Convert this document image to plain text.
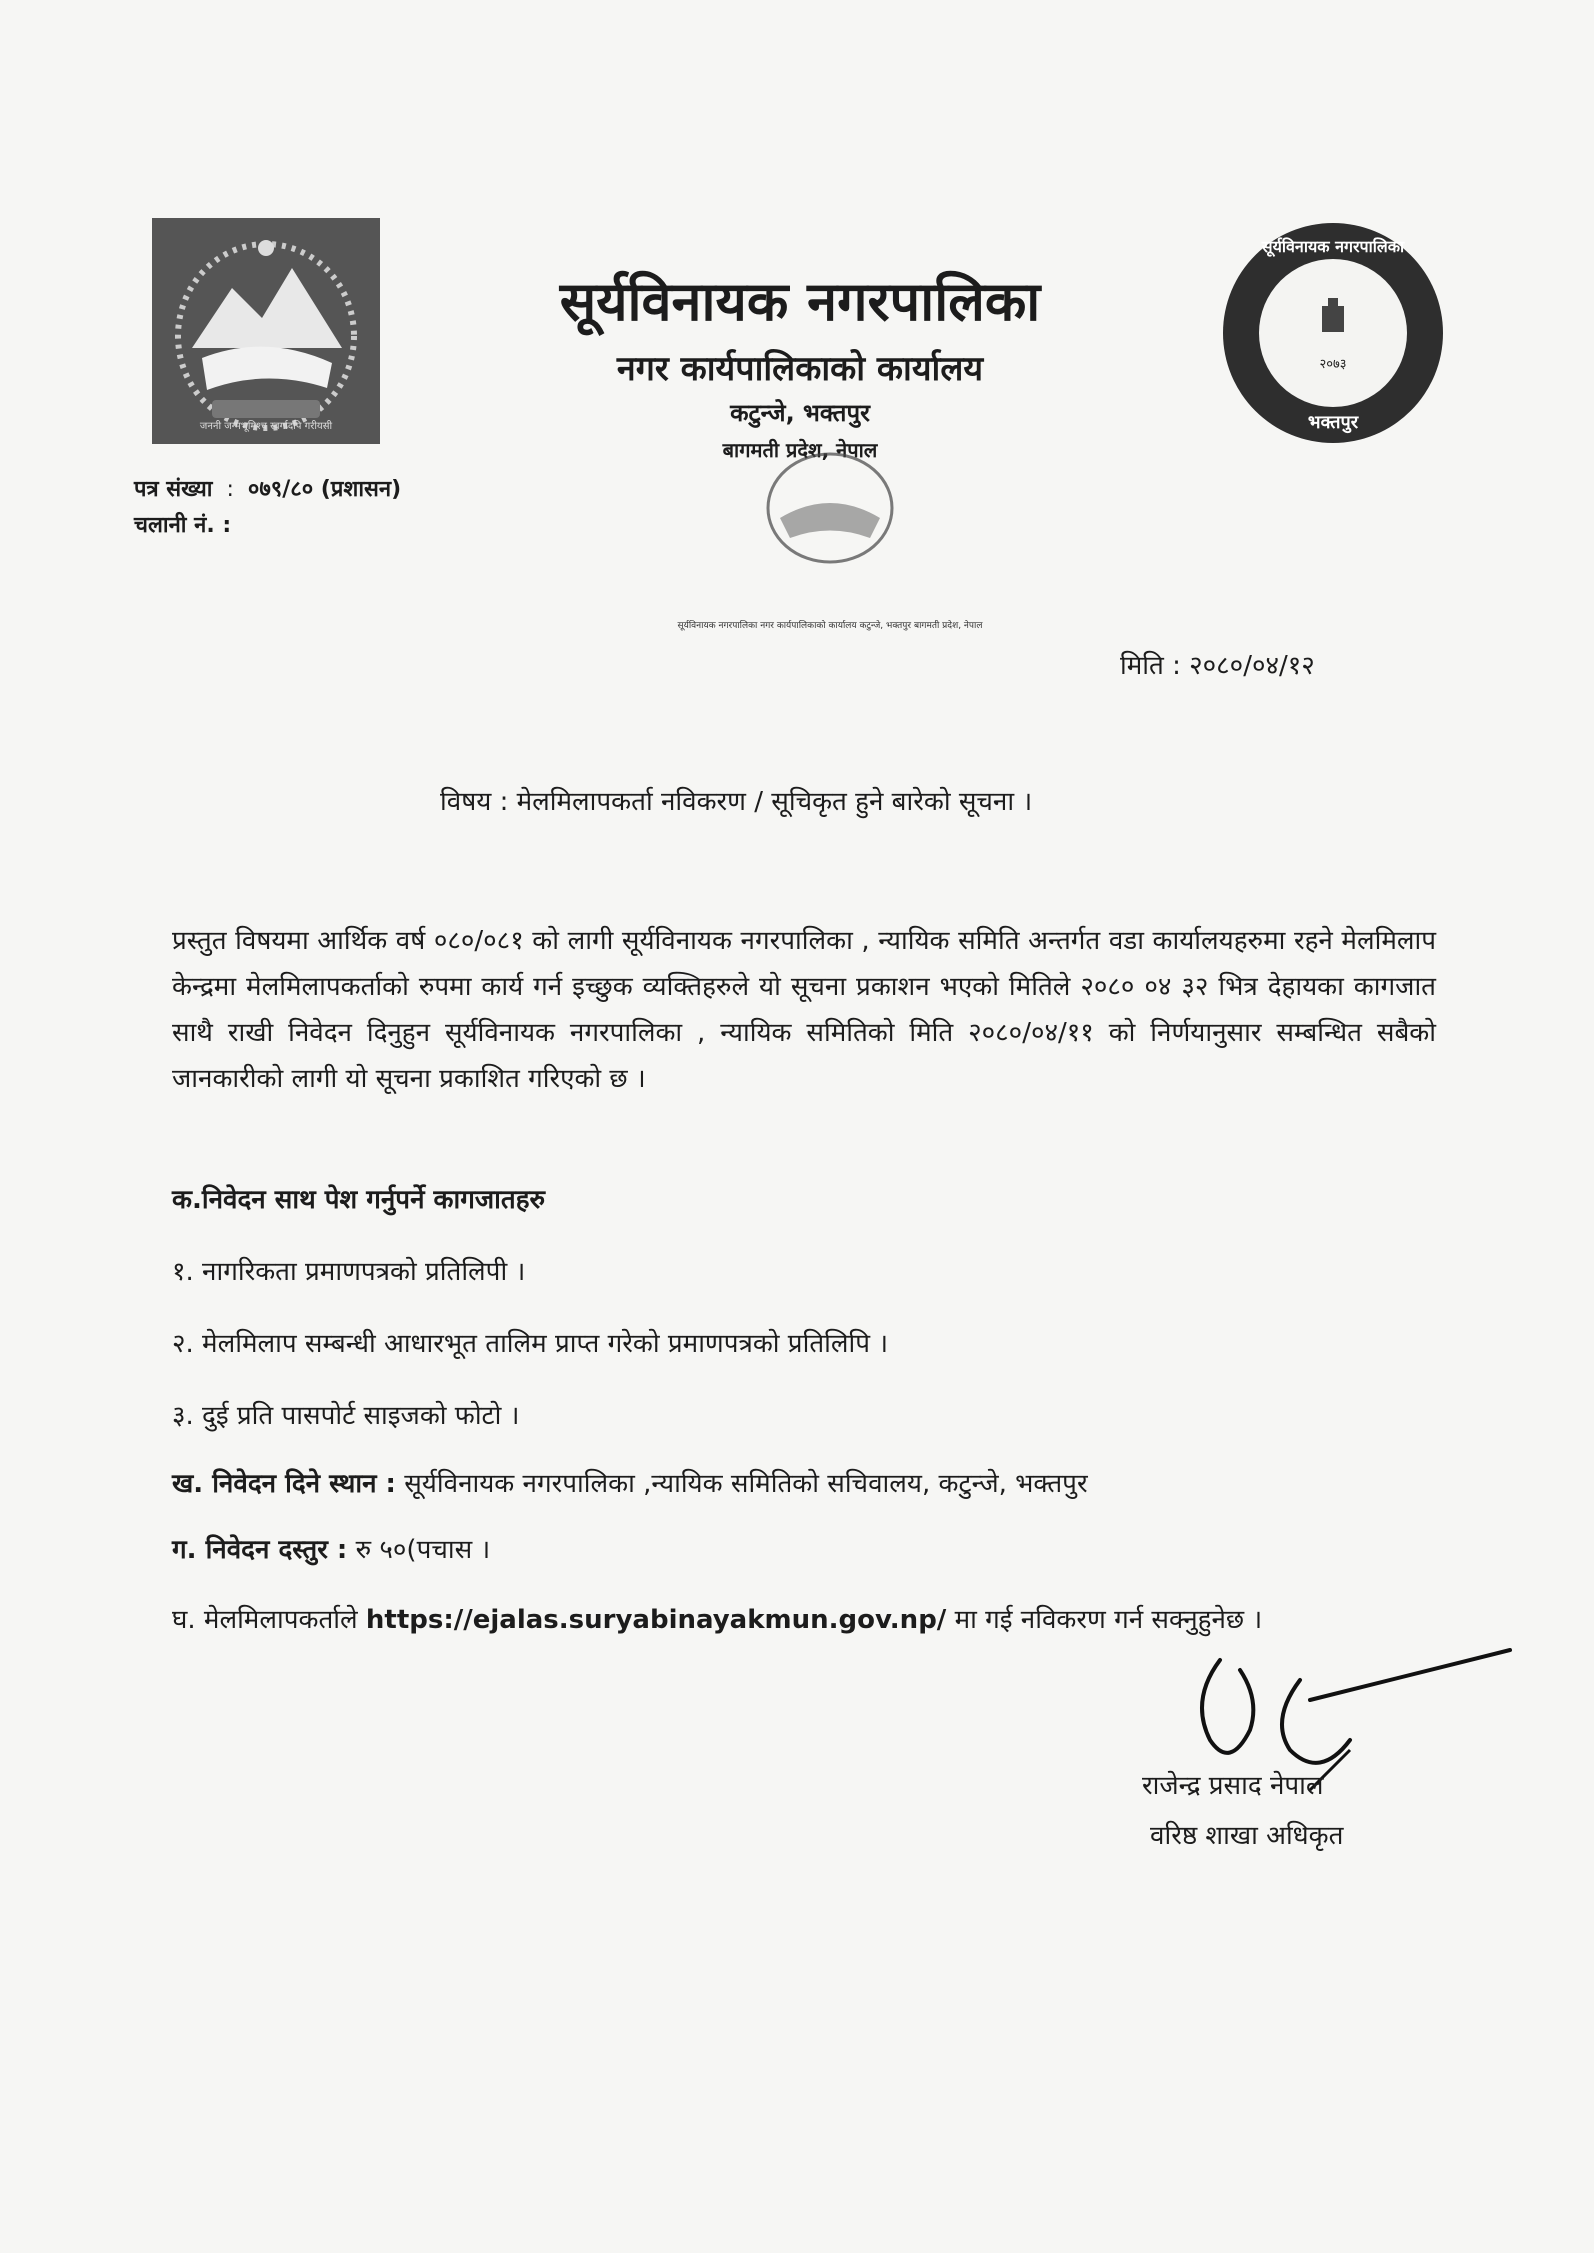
जननी जन्मभूमिश्च स्वर्गादपि गरीयसी
सूर्यविनायक नगरपालिका
नगर कार्यपालिकाको कार्यालय
कटुन्जे, भक्तपुर
बागमती प्रदेश, नेपाल
२०७३
सूर्यविनायक नगरपालिका
भक्तपुर
सूर्यविनायक नगरपालिका नगर कार्यपालिकाको कार्यालय कटुन्जे, भक्तपुर बागमती प्रदेश, नेपाल
पत्र संख्या  :  ०७९/८० (प्रशासन)
चलानी नं. :
मिति : २०८०/०४/१२
विषय : मेलमिलापकर्ता नविकरण / सूचिकृत हुने बारेको सूचना ।
प्रस्तुत विषयमा आर्थिक वर्ष ०८०/०८१ को लागी सूर्यविनायक नगरपालिका , न्यायिक समिति अन्तर्गत वडा कार्यालयहरुमा रहने मेलमिलाप केन्द्रमा मेलमिलापकर्ताको रुपमा कार्य गर्न इच्छुक व्यक्तिहरुले यो सूचना प्रकाशन भएको मितिले २०८० ०४ ३२ भित्र देहायका कागजात साथै राखी निवेदन दिनुहुन सूर्यविनायक नगरपालिका , न्यायिक समितिको मिति २०८०/०४/११ को निर्णयानुसार सम्बन्धित सबैको जानकारीको लागी यो सूचना प्रकाशित गरिएको छ ।
क.निवेदन साथ पेश गर्नुपर्ने कागजातहरु
१. नागरिकता प्रमाणपत्रको प्रतिलिपी ।
२. मेलमिलाप सम्बन्धी आधारभूत तालिम प्राप्त गरेको प्रमाणपत्रको प्रतिलिपि ।
३. दुई प्रति पासपोर्ट साइजको फोटो ।
ख. निवेदन दिने स्थान : सूर्यविनायक नगरपालिका ,न्यायिक समितिको सचिवालय, कटुन्जे, भक्तपुर
ग. निवेदन दस्तुर : रु ५०(पचास ।
घ. मेलमिलापकर्ताले https://ejalas.suryabinayakmun.gov.np/ मा गई नविकरण गर्न सक्नुहुनेछ ।
राजेन्द्र प्रसाद नेपाल
वरिष्ठ शाखा अधिकृत
